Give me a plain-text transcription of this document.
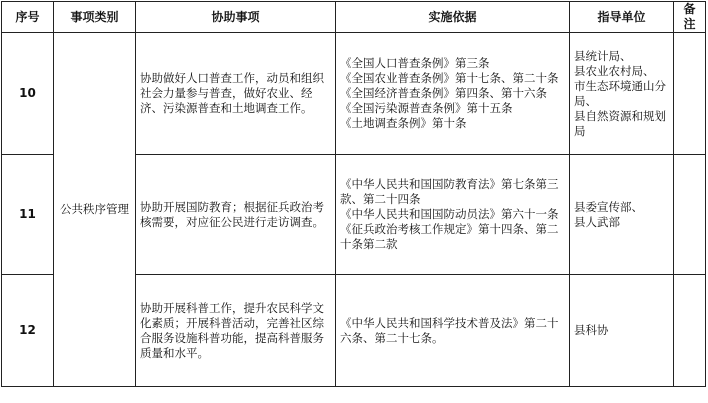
序号	事项类别	协助事项	实施依据	指导单位	备注

10	公共秩序管理	协助做好人口普查工作，动员和组织社会力量参与普查，做好农业、经济、污染源普查和土地调查工作。	《全国人口普查条例》第三条
《全国农业普查条例》第十七条、第二十条
《全国经济普查条例》第四条、第十六条
《全国污染源普查条例》第十五条
《土地调查条例》第十条	县统计局、
县农业农村局、
市生态环境通山分局、
县自然资源和规划局	

11		协助开展国防教育；根据征兵政治考核需要，对应征公民进行走访调查。	《中华人民共和国国防教育法》第七条第三款、第二十四条
《中华人民共和国国防动员法》第六十一条
《征兵政治考核工作规定》第十四条、第二十条第二款	县委宣传部、
县人武部	

12		协助开展科普工作，提升农民科学文化素质；开展科普活动，完善社区综合服务设施科普功能，提高科普服务质量和水平。	《中华人民共和国科学技术普及法》第二十六条、第二十七条。	县科协	
